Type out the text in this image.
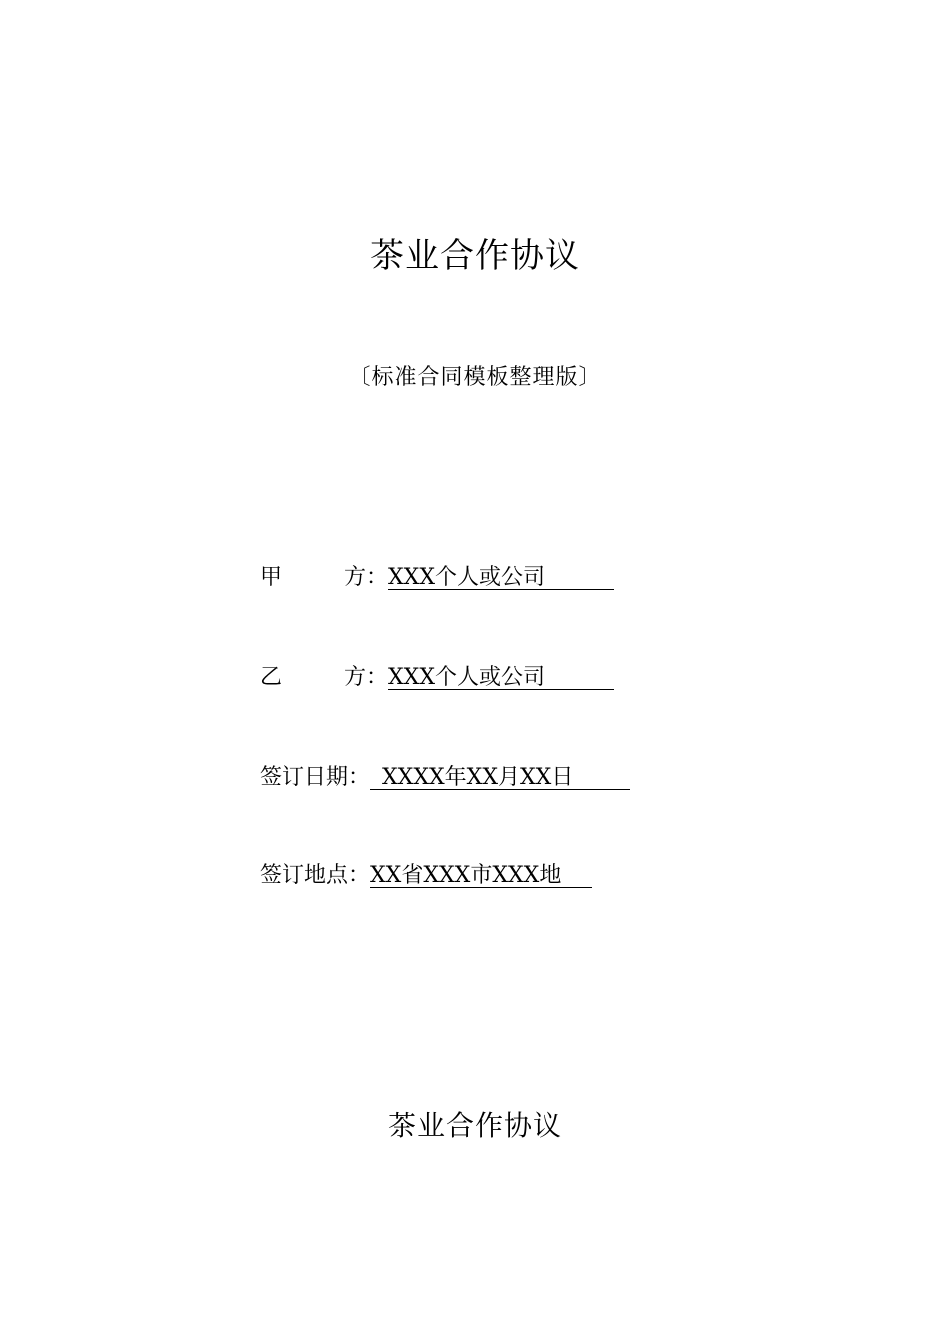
茶业合作协议
〔标准合同模板整理版〕
甲	方： XXX个人或公司
乙	方： XXX个人或公司
签订日期： XXXX年XX月XX日
签订地点： XX省XXX市XXX地
茶业合作协议
